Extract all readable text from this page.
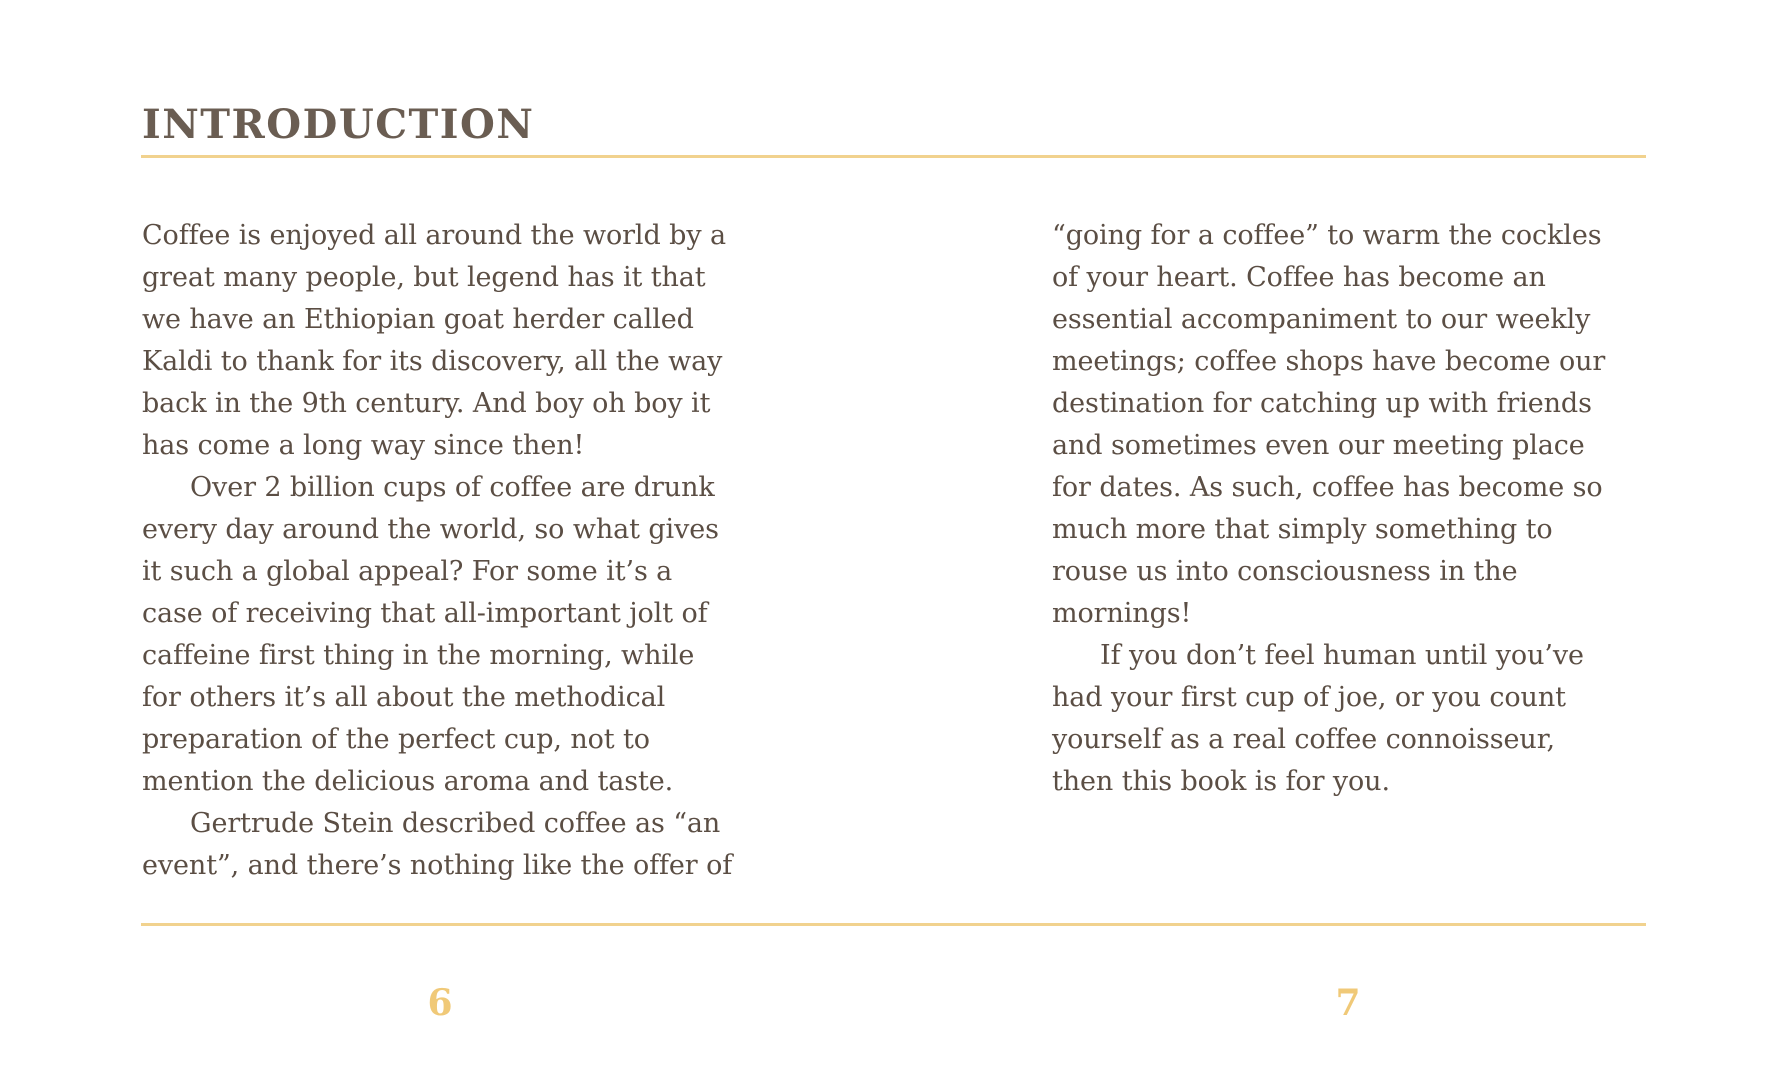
INTRODUCTION
Coffee is enjoyed all around the world by a
great many people, but legend has it that
we have an Ethiopian goat herder called
Kaldi to thank for its discovery, all the way
back in the 9th century. And boy oh boy it
has come a long way since then!
Over 2 billion cups of coffee are drunk
every day around the world, so what gives
it such a global appeal? For some it’s a
case of receiving that all-important jolt of
caffeine first thing in the morning, while
for others it’s all about the methodical
preparation of the perfect cup, not to
mention the delicious aroma and taste.
Gertrude Stein described coffee as “an
event”, and there’s nothing like the offer of
“going for a coffee” to warm the cockles
of your heart. Coffee has become an
essential accompaniment to our weekly
meetings; coffee shops have become our
destination for catching up with friends
and sometimes even our meeting place
for dates. As such, coffee has become so
much more that simply something to
rouse us into consciousness in the
mornings!
If you don’t feel human until you’ve
had your first cup of joe, or you count
yourself as a real coffee connoisseur,
then this book is for you.
6	7
